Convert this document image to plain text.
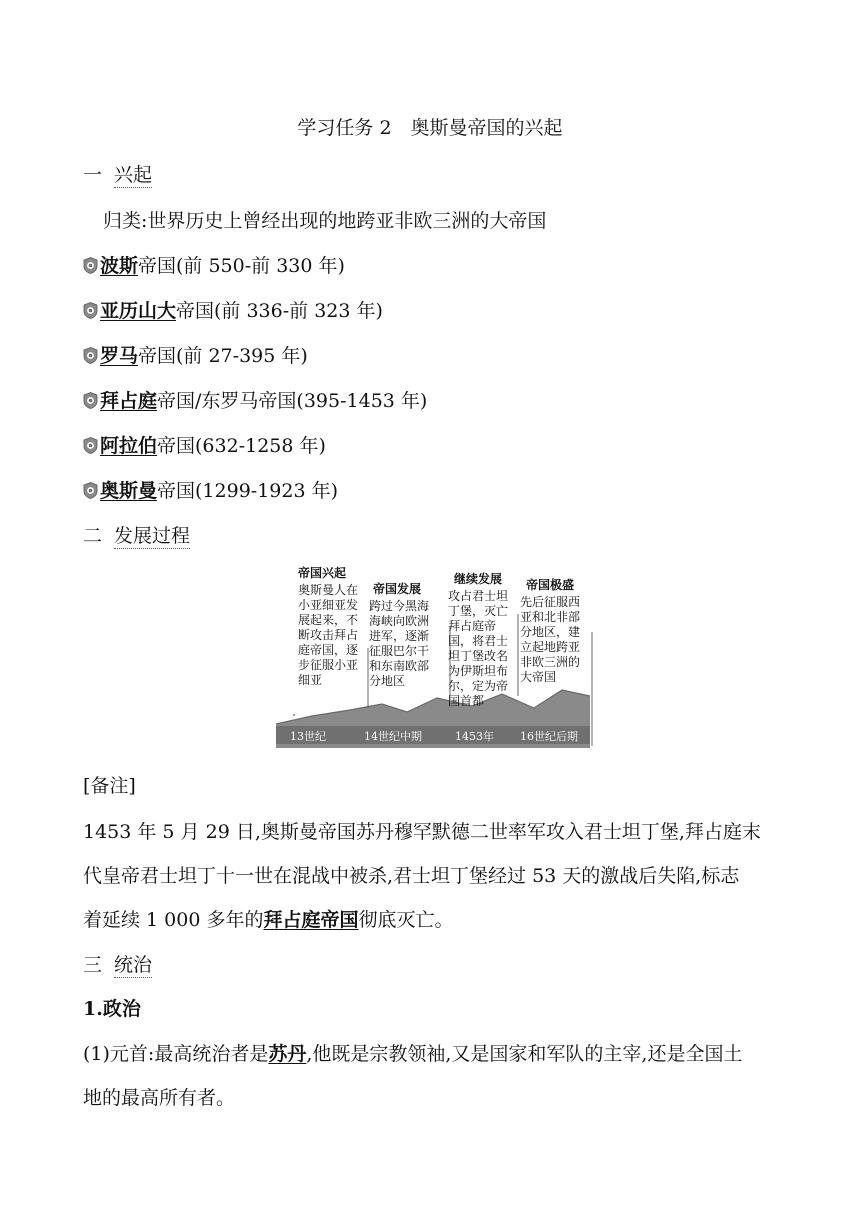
学习任务 2　奥斯曼帝国的兴起
一 兴起
归类:世界历史上曾经出现的地跨亚非欧三洲的大帝国
波斯帝国(前 550-前 330 年)
亚历山大帝国(前 336-前 323 年)
罗马帝国(前 27-395 年)
拜占庭帝国/东罗马帝国(395-1453 年)
阿拉伯帝国(632-1258 年)
奥斯曼帝国(1299-1923 年)
二 发展过程
帝国兴起
奥斯曼人在小亚细亚发展起来，不断攻击拜占庭帝国，逐步征服小亚细亚
帝国发展
跨过今黑海海峡向欧洲进军，逐渐征服巴尔干和东南欧部分地区
继续发展
攻占君士坦丁堡，灭亡拜占庭帝国，将君士坦丁堡改名为伊斯坦布尔，定为帝国首都
帝国极盛
先后征服西亚和北非部分地区，建立起地跨亚非欧三洲的大帝国
13世纪	14世纪中期	1453年 16世纪后期
[备注]
1453 年 5 月 29 日,奥斯曼帝国苏丹穆罕默德二世率军攻入君士坦丁堡,拜占庭末
代皇帝君士坦丁十一世在混战中被杀,君士坦丁堡经过 53 天的激战后失陷,标志
着延续 1 000 多年的拜占庭帝国彻底灭亡。
三 统治
1.政治
(1)元首:最高统治者是苏丹,他既是宗教领袖,又是国家和军队的主宰,还是全国土
地的最高所有者。
